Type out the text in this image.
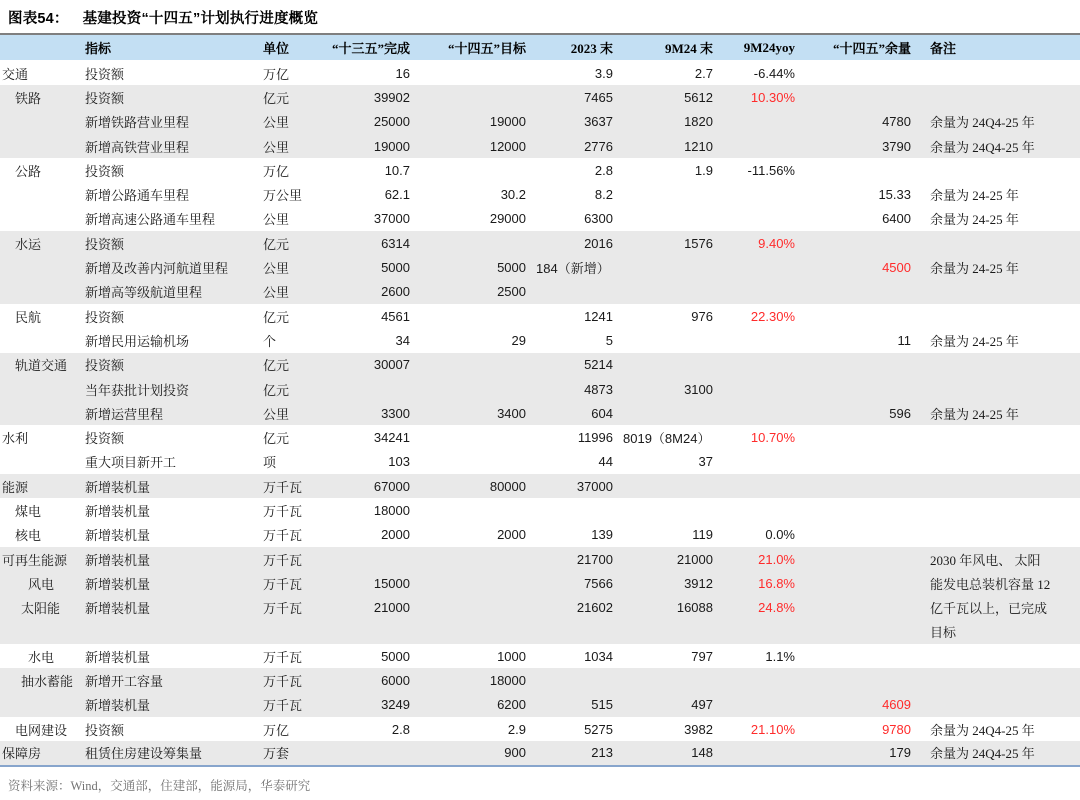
图表54： 基建投资“十四五”计划执行进度概览
	指标	单位	“十三五”完成	“十四五”目标	2023 末	9M24 末	9M24yoy	“十四五”余量	备注
交通	投资额	万亿	16		3.9	2.7	-6.44%		
铁路	投资额	亿元	39902		7465	5612	10.30%		
	新增铁路营业里程	公里	25000	19000	3637	1820		4780	余量为 24Q4-25 年
	新增高铁营业里程	公里	19000	12000	2776	1210		3790	余量为 24Q4-25 年
公路	投资额	万亿	10.7		2.8	1.9	-11.56%		
	新增公路通车里程	万公里	62.1	30.2	8.2			15.33	余量为 24-25 年
	新增高速公路通车里程	公里	37000	29000	6300			6400	余量为 24-25 年
水运	投资额	亿元	6314		2016	1576	9.40%		
	新增及改善内河航道里程	公里	5000	5000	184（新增）			4500	余量为 24-25 年
	新增高等级航道里程	公里	2600	2500					
民航	投资额	亿元	4561		1241	976	22.30%		
	新增民用运输机场	个	34	29	5			11	余量为 24-25 年
轨道交通	投资额	亿元	30007		5214				
	当年获批计划投资	亿元			4873	3100			
	新增运营里程	公里	3300	3400	604			596	余量为 24-25 年
水利	投资额	亿元	34241		11996	8019（8M24）	10.70%		
	重大项目新开工	项	103		44	37			
能源	新增装机量	万千瓦	67000	80000	37000				
煤电	新增装机量	万千瓦	18000						
核电	新增装机量	万千瓦	2000	2000	139	119	0.0%		
可再生能源	新增装机量	万千瓦			21700	21000	21.0%		2030 年风电、 太阳
风电	新增装机量	万千瓦	15000		7566	3912	16.8%		能发电总装机容量 12
太阳能	新增装机量	万千瓦	21000		21602	16088	24.8%		亿千瓦以上，已完成
									目标
水电	新增装机量	万千瓦	5000	1000	1034	797	1.1%		
抽水蓄能	新增开工容量	万千瓦	6000	18000					
	新增装机量	万千瓦	3249	6200	515	497		4609	
电网建设	投资额	万亿	2.8	2.9	5275	3982	21.10%	9780	余量为 24Q4-25 年
保障房	租赁住房建设筹集量	万套		900	213	148		179	余量为 24Q4-25 年
资料来源：Wind，交通部，住建部，能源局，华泰研究
